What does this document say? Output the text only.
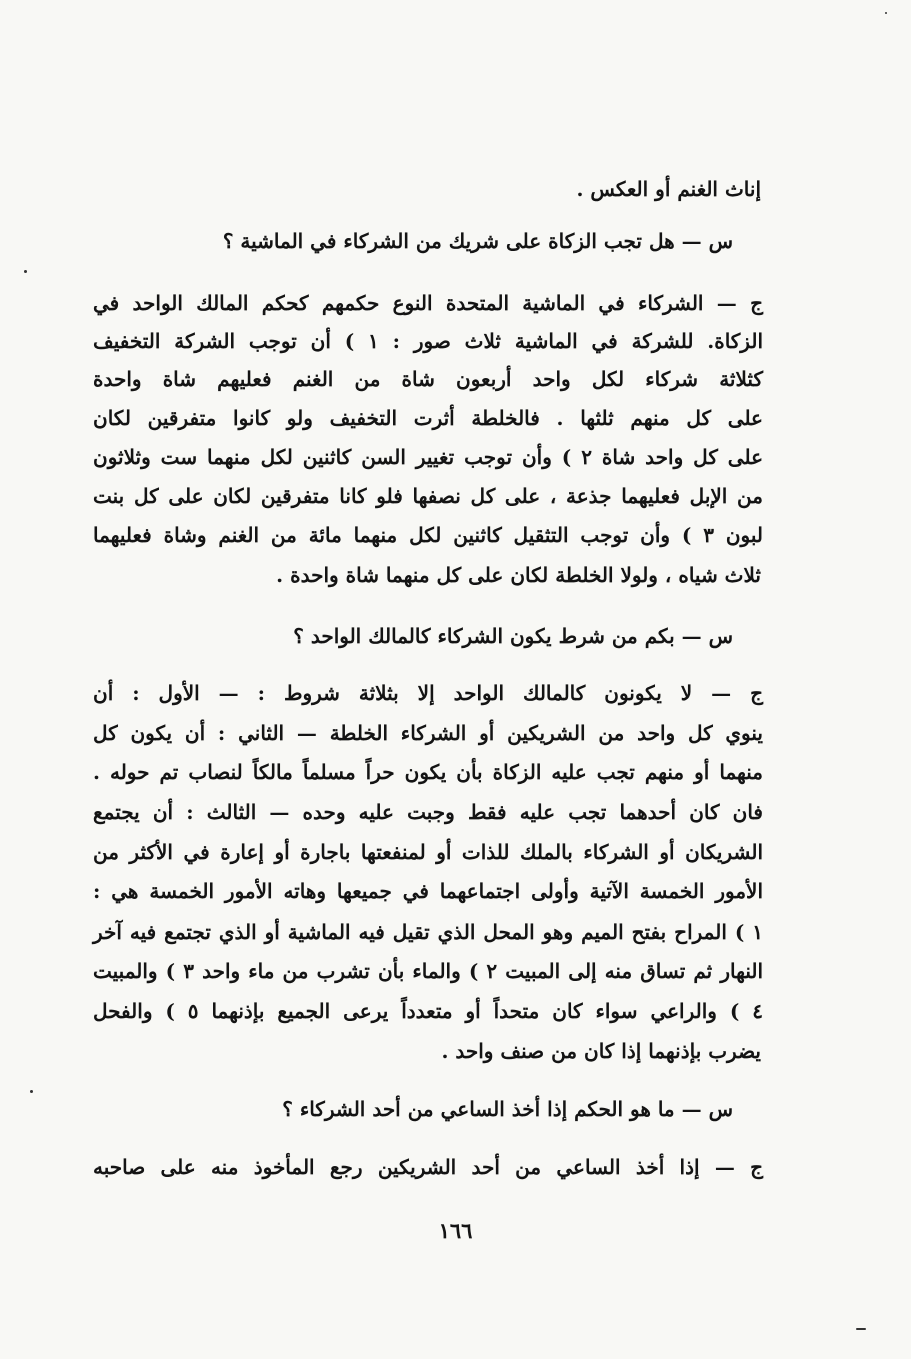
إناث الغنم أو العكس .
س — هل تجب الزكاة على شريك من الشركاء في الماشية ؟
ج — الشركاء في الماشية المتحدة النوع حكمهم كحكم المالك الواحد في
الزكاة. للشركة في الماشية ثلاث صور : ١ ) أن توجب الشركة التخفيف
كثلاثة شركاء لكل واحد أربعون شاة من الغنم فعليهم شاة واحدة
على كل منهم ثلثها . فالخلطة أثرت التخفيف ولو كانوا متفرقين لكان
على كل واحد شاة ٢ ) وأن توجب تغيير السن كاثنين لكل منهما ست وثلاثون
من الإبل فعليهما جذعة ، على كل نصفها فلو كانا متفرقين لكان على كل بنت
لبون ٣ ) وأن توجب التثقيل كاثنين لكل منهما مائة من الغنم وشاة فعليهما
ثلاث شياه ، ولولا الخلطة لكان على كل منهما شاة واحدة .
س — بكم من شرط يكون الشركاء كالمالك الواحد ؟
ج — لا يكونون كالمالك الواحد إلا بثلاثة شروط : — الأول : أن
ينوي كل واحد من الشريكين أو الشركاء الخلطة — الثاني : أن يكون كل
منهما أو منهم تجب عليه الزكاة بأن يكون حراً مسلماً مالكاً لنصاب تم حوله .
فان كان أحدهما تجب عليه فقط وجبت عليه وحده — الثالث : أن يجتمع
الشريكان أو الشركاء بالملك للذات أو لمنفعتها باجارة أو إعارة في الأكثر من
الأمور الخمسة الآتية وأولى اجتماعهما في جميعها وهاته الأمور الخمسة هي :
١ ) المراح بفتح الميم وهو المحل الذي تقيل فيه الماشية أو الذي تجتمع فيه آخر
النهار ثم تساق منه إلى المبيت ٢ ) والماء بأن تشرب من ماء واحد ٣ ) والمبيت
٤ ) والراعي سواء كان متحداً أو متعدداً يرعى الجميع بإذنهما ٥ ) والفحل
يضرب بإذنهما إذا كان من صنف واحد .
س — ما هو الحكم إذا أخذ الساعي من أحد الشركاء ؟
ج — إذا أخذ الساعي من أحد الشريكين رجع المأخوذ منه على صاحبه
١٦٦
